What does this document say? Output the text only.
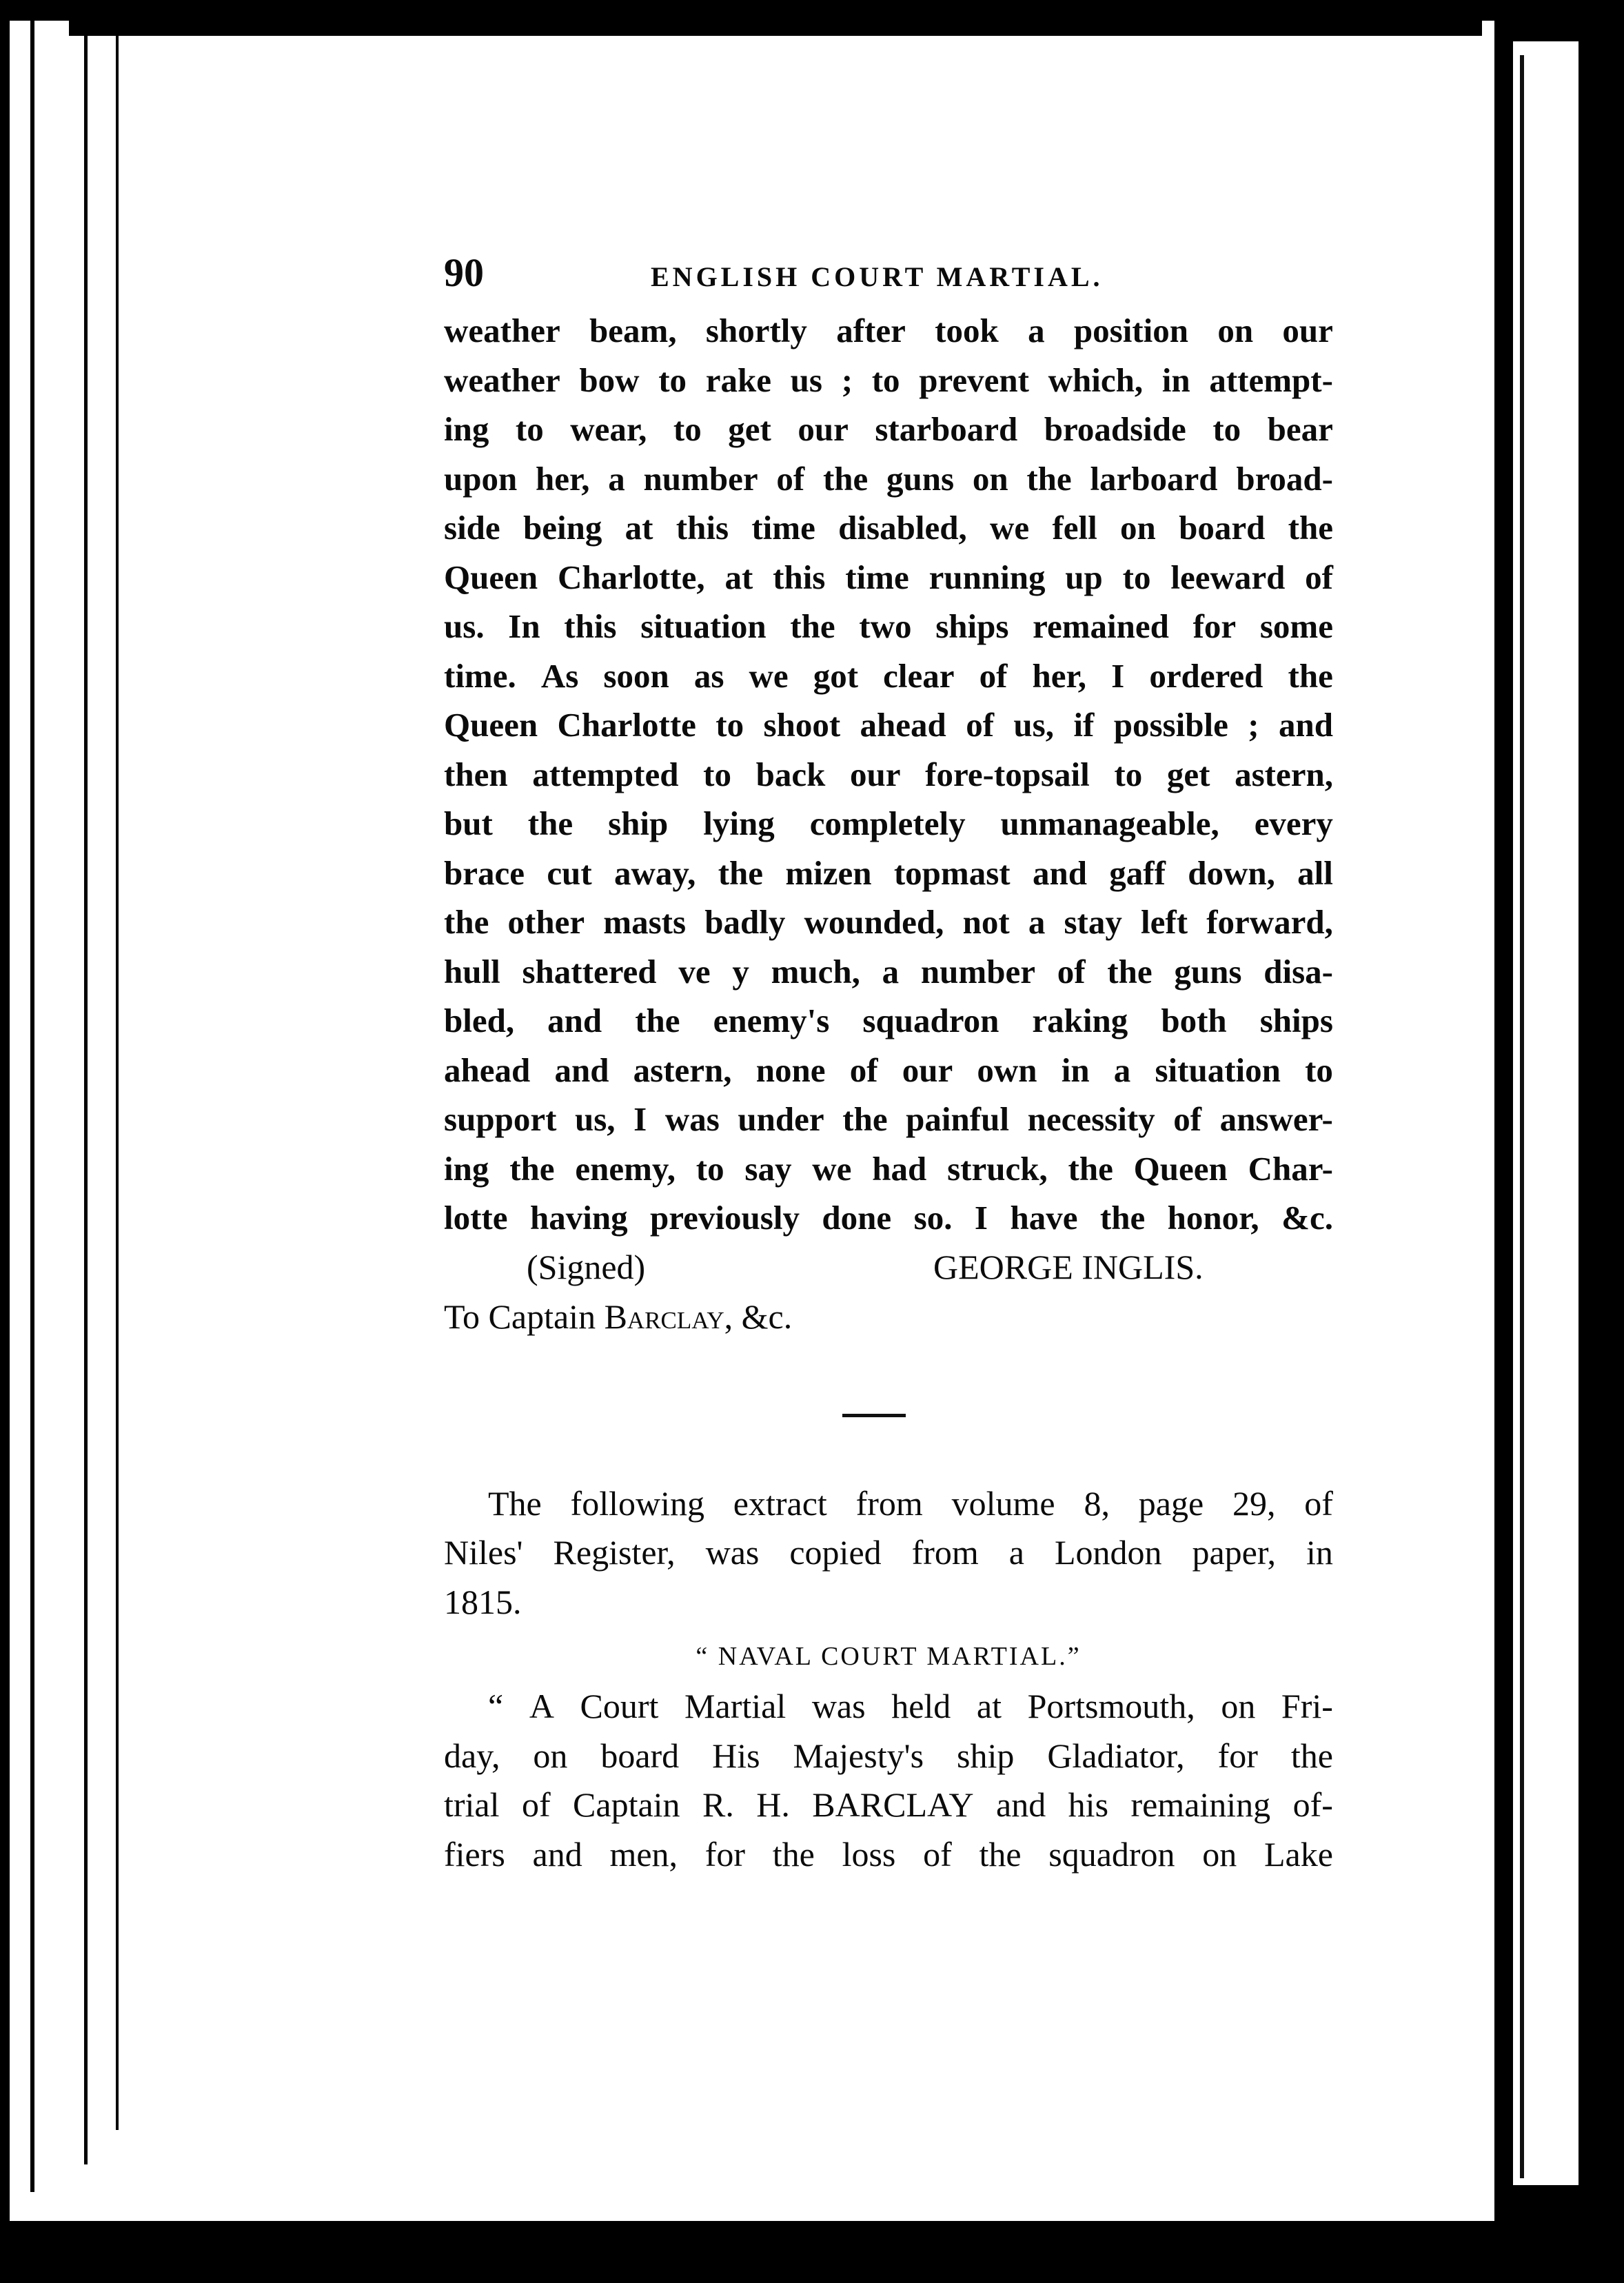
90	ENGLISH COURT MARTIAL.
weather beam, shortly after took a position on our
weather bow to rake us ; to prevent which, in attempt-
ing to wear, to get our starboard broadside to bear
upon her, a number of the guns on the larboard broad-
side being at this time disabled, we fell on board the
Queen Charlotte, at this time running up to leeward of
us. In this situation the two ships remained for some
time. As soon as we got clear of her, I ordered the
Queen Charlotte to shoot ahead of us, if possible ; and
then attempted to back our fore-topsail to get astern,
but the ship lying completely unmanageable, every
brace cut away, the mizen topmast and gaff down, all
the other masts badly wounded, not a stay left forward,
hull shattered ve y much, a number of the guns disa-
bled, and the enemy's squadron raking both ships
ahead and astern, none of our own in a situation to
support us, I was under the painful necessity of answer-
ing the enemy, to say we had struck, the Queen Char-
lotte having previously done so. I have the honor, &c.
(Signed)	GEORGE INGLIS.
To Captain Barclay, &c.
The following extract from volume 8, page 29, of
Niles' Register, was copied from a London paper, in
1815.
“ NAVAL COURT MARTIAL.”
“ A Court Martial was held at Portsmouth, on Fri-
day, on board His Majesty's ship Gladiator, for the
trial of Captain R. H. BARCLAY and his remaining of-
fiers and men, for the loss of the squadron on Lake
